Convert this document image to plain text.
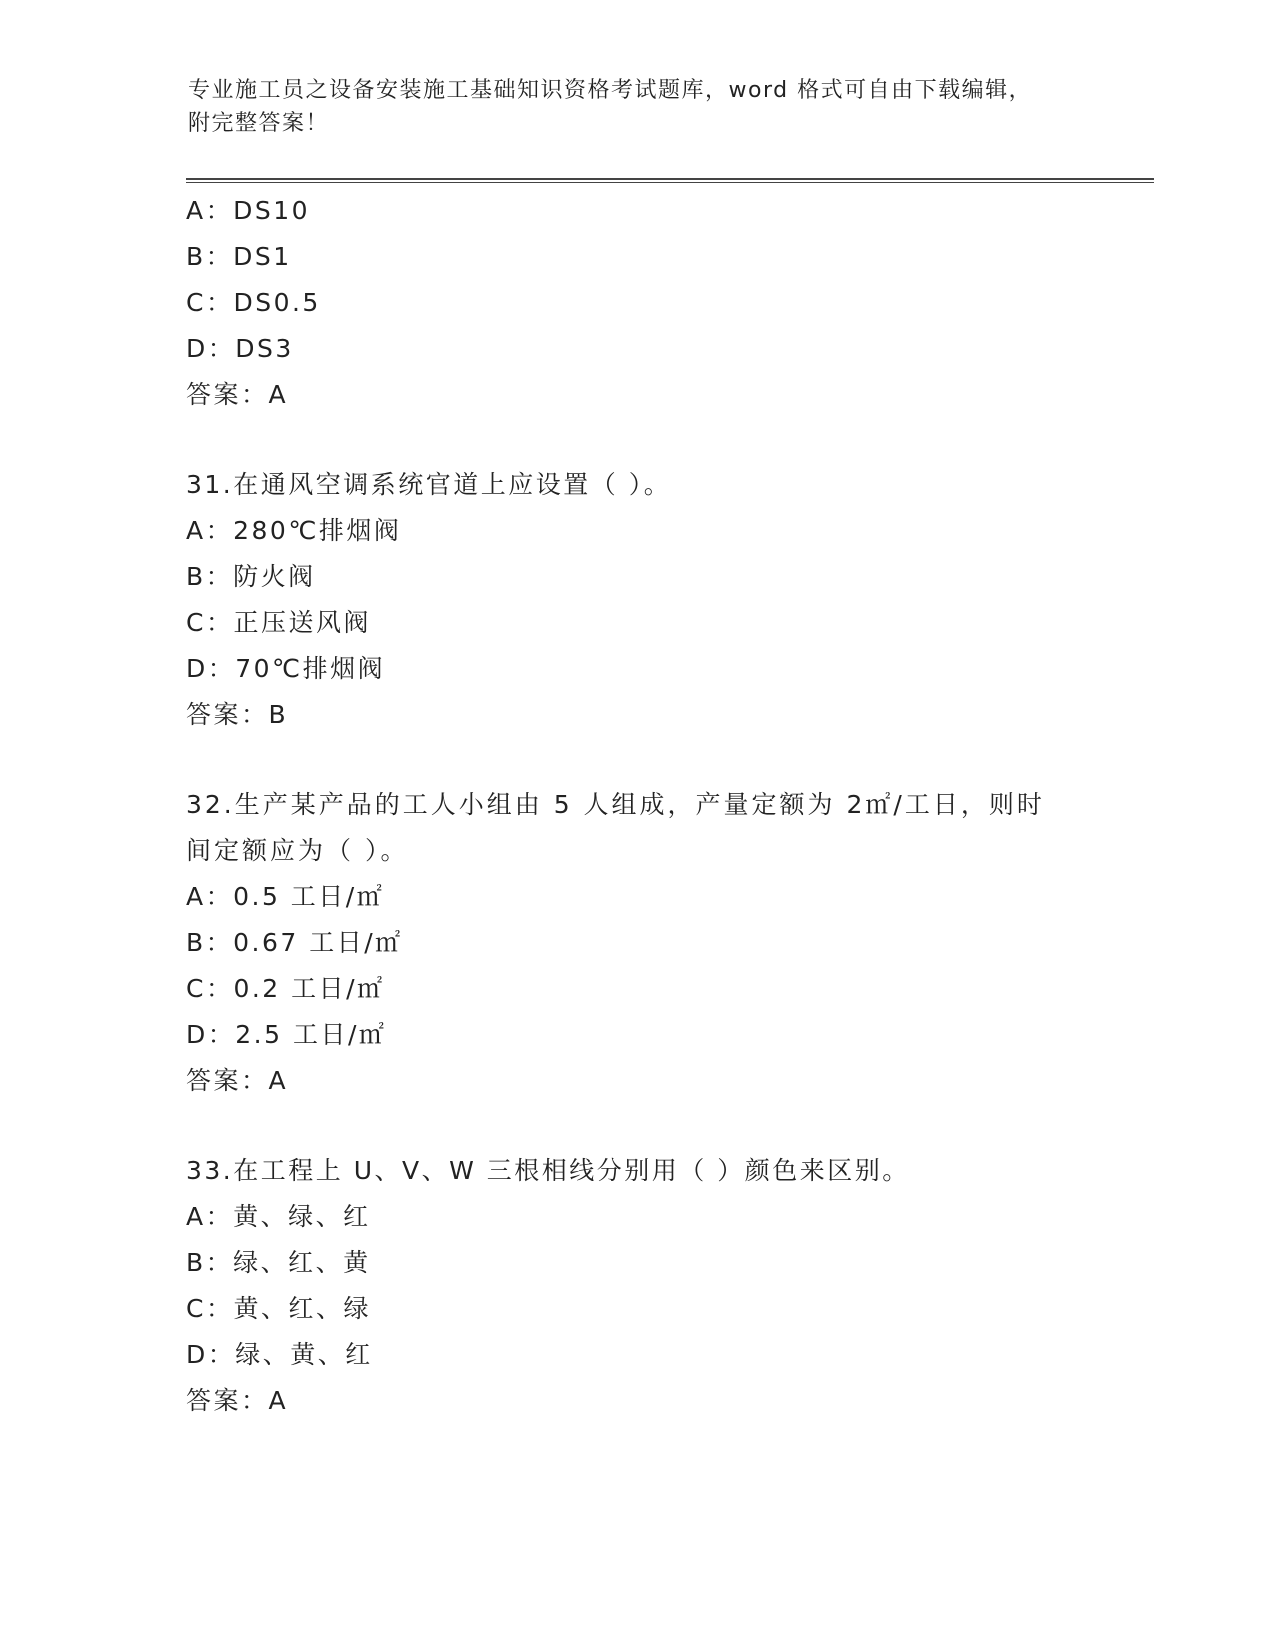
专业施工员之设备安装施工基础知识资格考试题库，word 格式可自由下载编辑，
附完整答案！
A：DS10
B：DS1
C：DS0.5
D：DS3
答案：A
31.在通风空调系统官道上应设置（ ）。
A：280℃排烟阀
B：防火阀
C：正压送风阀
D：70℃排烟阀
答案：B
32.生产某产品的工人小组由 5 人组成，产量定额为 2㎡/工日，则时间定额应为（ ）。
A：0.5 工日/㎡
B：0.67 工日/㎡
C：0.2 工日/㎡
D：2.5 工日/㎡
答案：A
33.在工程上 U、V、W 三根相线分别用（ ）颜色来区别。
A：黄、绿、红
B：绿、红、黄
C：黄、红、绿
D：绿、黄、红
答案：A
